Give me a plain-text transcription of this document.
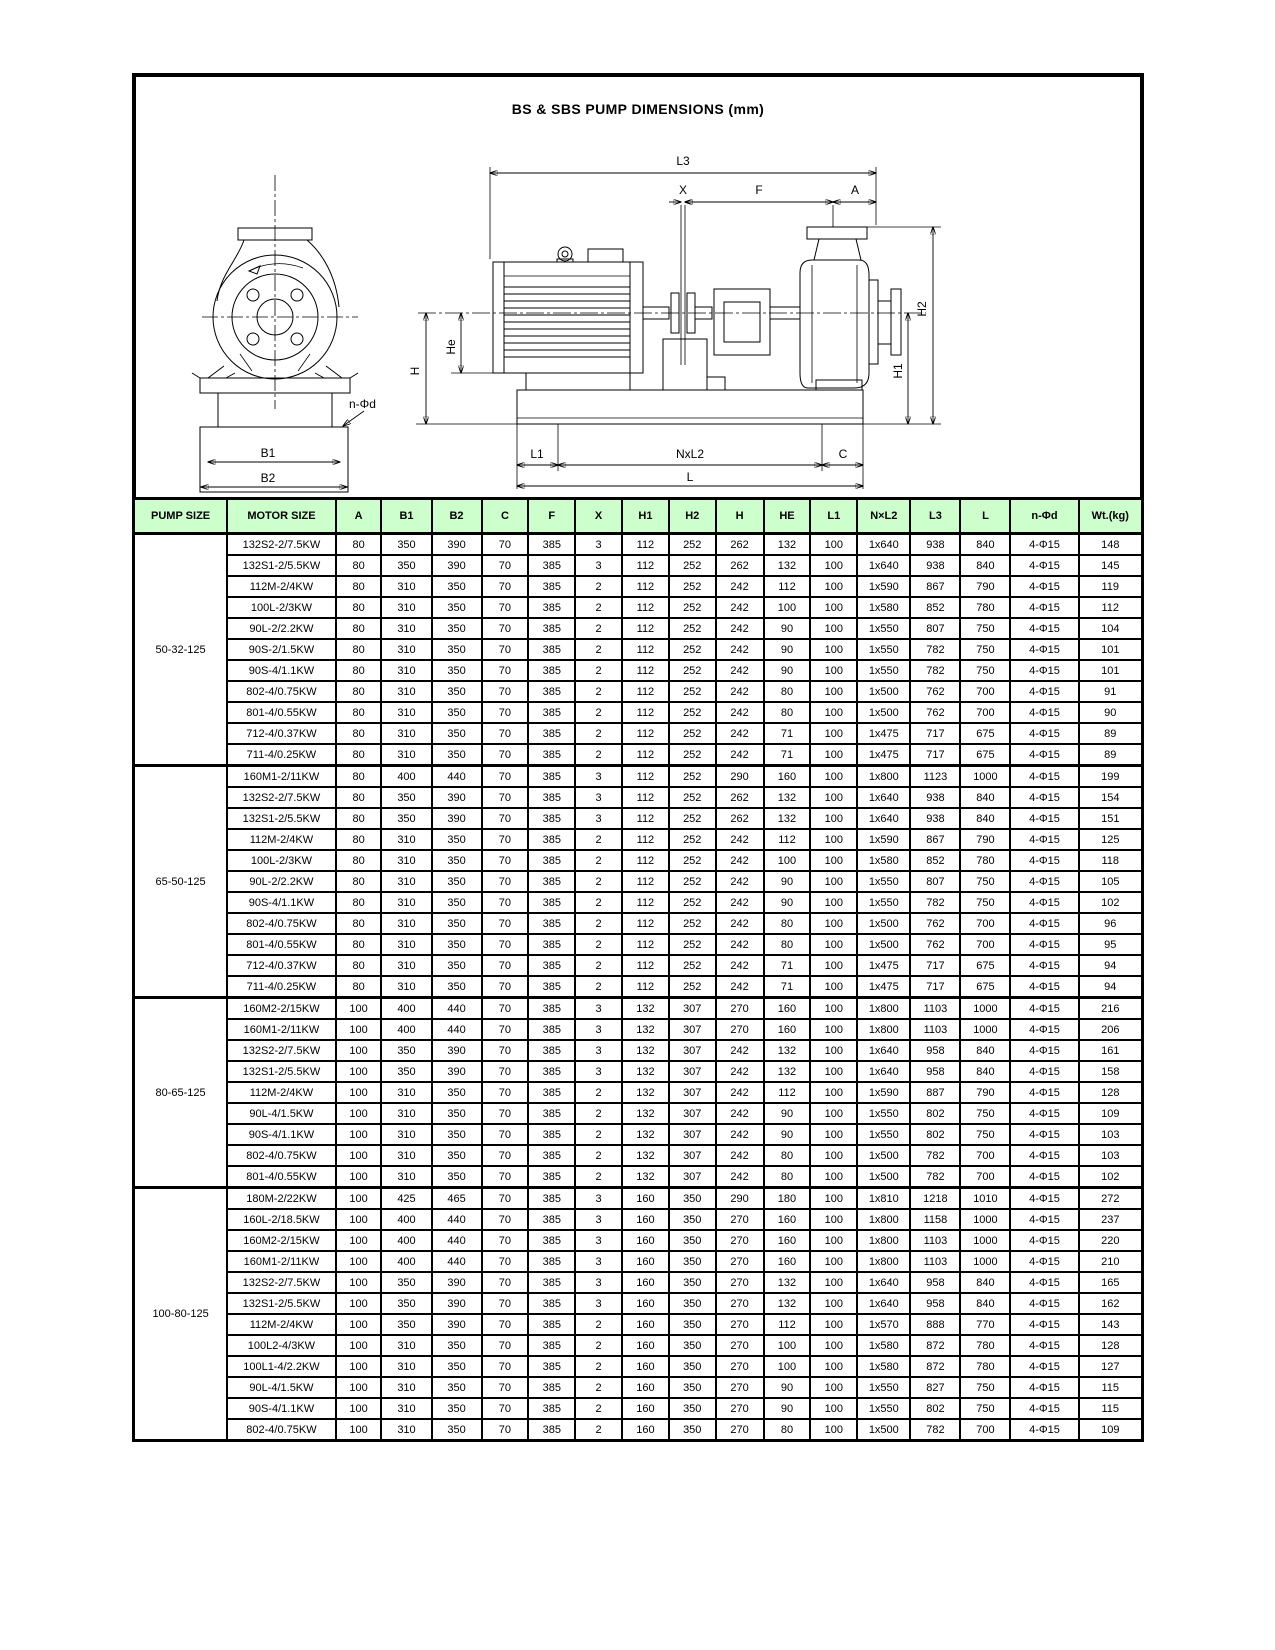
BS & SBS PUMP DIMENSIONS (mm)
B1
B2
n-Φd
L3
X	F	A
He
H	H1
H2
L1	NxL2	C
L
PUMP SIZE	MOTOR SIZE	A	B1	B2	C	F	X	H1	H2	H	HE	L1	N×L2	L3	L	n-Φd	Wt.(kg)
50-32-125	132S2-2/7.5KW	80	350	390	70	385	3	112	252	262	132	100	1x640	938	840	4-Φ15	148
	132S1-2/5.5KW	80	350	390	70	385	3	112	252	262	132	100	1x640	938	840	4-Φ15	145
	112M-2/4KW	80	310	350	70	385	2	112	252	242	112	100	1x590	867	790	4-Φ15	119
	100L-2/3KW	80	310	350	70	385	2	112	252	242	100	100	1x580	852	780	4-Φ15	112
	90L-2/2.2KW	80	310	350	70	385	2	112	252	242	90	100	1x550	807	750	4-Φ15	104
	90S-2/1.5KW	80	310	350	70	385	2	112	252	242	90	100	1x550	782	750	4-Φ15	101
	90S-4/1.1KW	80	310	350	70	385	2	112	252	242	90	100	1x550	782	750	4-Φ15	101
	802-4/0.75KW	80	310	350	70	385	2	112	252	242	80	100	1x500	762	700	4-Φ15	91
	801-4/0.55KW	80	310	350	70	385	2	112	252	242	80	100	1x500	762	700	4-Φ15	90
	712-4/0.37KW	80	310	350	70	385	2	112	252	242	71	100	1x475	717	675	4-Φ15	89
	711-4/0.25KW	80	310	350	70	385	2	112	252	242	71	100	1x475	717	675	4-Φ15	89
65-50-125	160M1-2/11KW	80	400	440	70	385	3	112	252	290	160	100	1x800	1123	1000	4-Φ15	199
	132S2-2/7.5KW	80	350	390	70	385	3	112	252	262	132	100	1x640	938	840	4-Φ15	154
	132S1-2/5.5KW	80	350	390	70	385	3	112	252	262	132	100	1x640	938	840	4-Φ15	151
	112M-2/4KW	80	310	350	70	385	2	112	252	242	112	100	1x590	867	790	4-Φ15	125
	100L-2/3KW	80	310	350	70	385	2	112	252	242	100	100	1x580	852	780	4-Φ15	118
	90L-2/2.2KW	80	310	350	70	385	2	112	252	242	90	100	1x550	807	750	4-Φ15	105
	90S-4/1.1KW	80	310	350	70	385	2	112	252	242	90	100	1x550	782	750	4-Φ15	102
	802-4/0.75KW	80	310	350	70	385	2	112	252	242	80	100	1x500	762	700	4-Φ15	96
	801-4/0.55KW	80	310	350	70	385	2	112	252	242	80	100	1x500	762	700	4-Φ15	95
	712-4/0.37KW	80	310	350	70	385	2	112	252	242	71	100	1x475	717	675	4-Φ15	94
	711-4/0.25KW	80	310	350	70	385	2	112	252	242	71	100	1x475	717	675	4-Φ15	94
80-65-125	160M2-2/15KW	100	400	440	70	385	3	132	307	270	160	100	1x800	1103	1000	4-Φ15	216
	160M1-2/11KW	100	400	440	70	385	3	132	307	270	160	100	1x800	1103	1000	4-Φ15	206
	132S2-2/7.5KW	100	350	390	70	385	3	132	307	242	132	100	1x640	958	840	4-Φ15	161
	132S1-2/5.5KW	100	350	390	70	385	3	132	307	242	132	100	1x640	958	840	4-Φ15	158
	112M-2/4KW	100	310	350	70	385	2	132	307	242	112	100	1x590	887	790	4-Φ15	128
	90L-4/1.5KW	100	310	350	70	385	2	132	307	242	90	100	1x550	802	750	4-Φ15	109
	90S-4/1.1KW	100	310	350	70	385	2	132	307	242	90	100	1x550	802	750	4-Φ15	103
	802-4/0.75KW	100	310	350	70	385	2	132	307	242	80	100	1x500	782	700	4-Φ15	103
	801-4/0.55KW	100	310	350	70	385	2	132	307	242	80	100	1x500	782	700	4-Φ15	102
100-80-125	180M-2/22KW	100	425	465	70	385	3	160	350	290	180	100	1x810	1218	1010	4-Φ15	272
	160L-2/18.5KW	100	400	440	70	385	3	160	350	270	160	100	1x800	1158	1000	4-Φ15	237
	160M2-2/15KW	100	400	440	70	385	3	160	350	270	160	100	1x800	1103	1000	4-Φ15	220
	160M1-2/11KW	100	400	440	70	385	3	160	350	270	160	100	1x800	1103	1000	4-Φ15	210
	132S2-2/7.5KW	100	350	390	70	385	3	160	350	270	132	100	1x640	958	840	4-Φ15	165
	132S1-2/5.5KW	100	350	390	70	385	3	160	350	270	132	100	1x640	958	840	4-Φ15	162
	112M-2/4KW	100	350	390	70	385	2	160	350	270	112	100	1x570	888	770	4-Φ15	143
	100L2-4/3KW	100	310	350	70	385	2	160	350	270	100	100	1x580	872	780	4-Φ15	128
	100L1-4/2.2KW	100	310	350	70	385	2	160	350	270	100	100	1x580	872	780	4-Φ15	127
	90L-4/1.5KW	100	310	350	70	385	2	160	350	270	90	100	1x550	827	750	4-Φ15	115
	90S-4/1.1KW	100	310	350	70	385	2	160	350	270	90	100	1x550	802	750	4-Φ15	115
	802-4/0.75KW	100	310	350	70	385	2	160	350	270	80	100	1x500	782	700	4-Φ15	109
